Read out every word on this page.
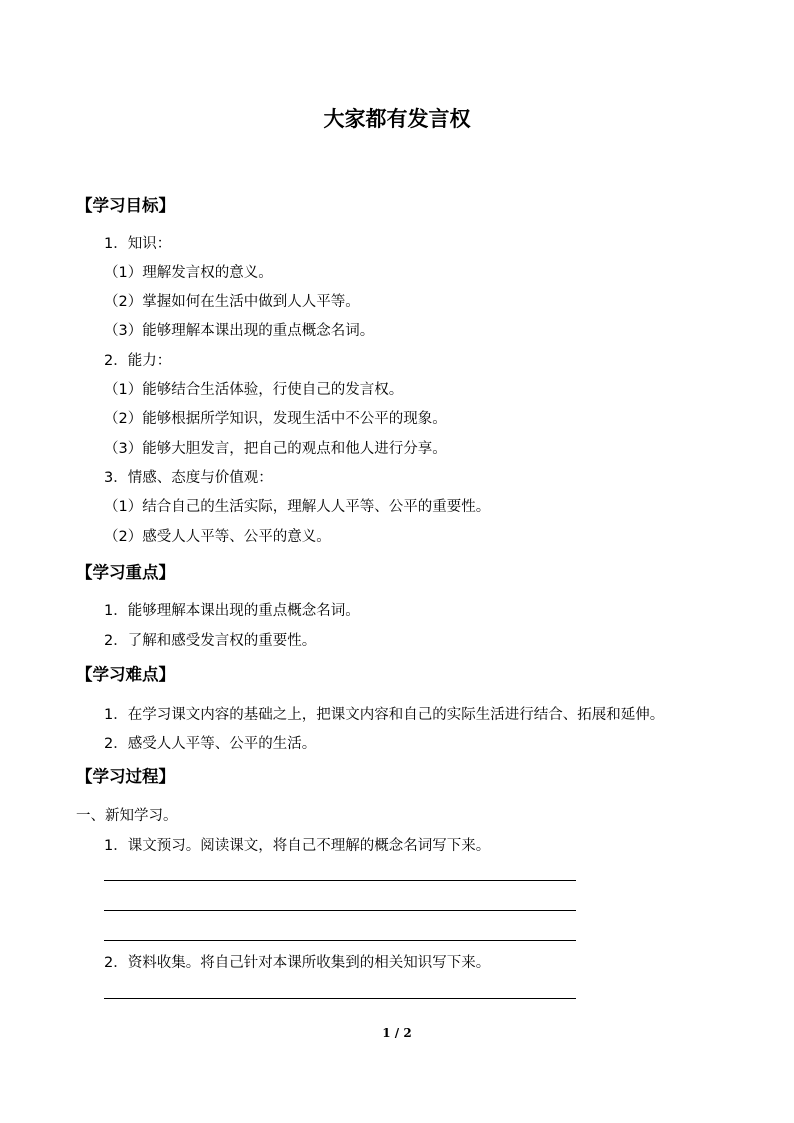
大家都有发言权
【学习目标】
1．知识：
（1）理解发言权的意义。
（2）掌握如何在生活中做到人人平等。
（3）能够理解本课出现的重点概念名词。
2．能力：
（1）能够结合生活体验，行使自己的发言权。
（2）能够根据所学知识，发现生活中不公平的现象。
（3）能够大胆发言，把自己的观点和他人进行分享。
3．情感、态度与价值观：
（1）结合自己的生活实际，理解人人平等、公平的重要性。
（2）感受人人平等、公平的意义。
【学习重点】
1．能够理解本课出现的重点概念名词。
2．了解和感受发言权的重要性。
【学习难点】
1．在学习课文内容的基础之上，把课文内容和自己的实际生活进行结合、拓展和延伸。
2．感受人人平等、公平的生活。
【学习过程】
一、新知学习。
1．课文预习。阅读课文，将自己不理解的概念名词写下来。
2．资料收集。将自己针对本课所收集到的相关知识写下来。
1 / 2
